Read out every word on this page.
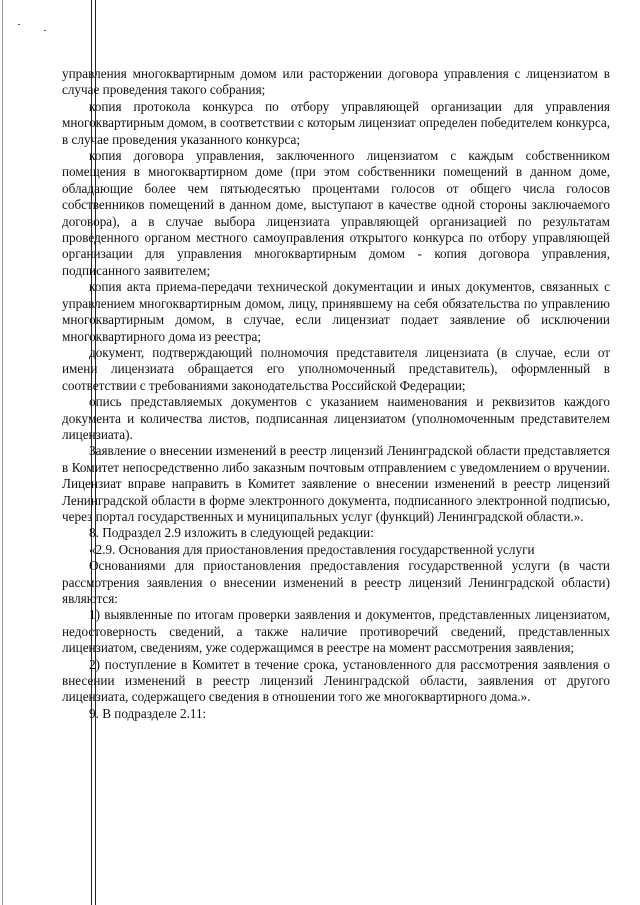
управления многоквартирным домом или расторжении договора управления с лицензиатом в случае проведения такого собрания;

копия протокола конкурса по отбору управляющей организации для управления многоквартирным домом, в соответствии с которым лицензиат определен победителем конкурса, в случае проведения указанного конкурса;

копия договора управления, заключенного лицензиатом с каждым собственником помещения в многоквартирном доме (при этом собственники помещений в данном доме, обладающие более чем пятьюдесятью процентами голосов от общего числа голосов собственников помещений в данном доме, выступают в качестве одной стороны заключаемого договора), а в случае выбора лицензиата управляющей организацией по результатам проведенного органом местного самоуправления открытого конкурса по отбору управляющей организации для управления многоквартирным домом - копия договора управления, подписанного заявителем;

копия акта приема-передачи технической документации и иных документов, связанных с управлением многоквартирным домом, лицу, принявшему на себя обязательства по управлению многоквартирным домом, в случае, если лицензиат подает заявление об исключении многоквартирного дома из реестра;

документ, подтверждающий полномочия представителя лицензиата (в случае, если от имени лицензиата обращается его уполномоченный представитель), оформленный в соответствии с требованиями законодательства Российской Федерации;

опись представляемых документов с указанием наименования и реквизитов каждого документа и количества листов, подписанная лицензиатом (уполномоченным представителем лицензиата).

Заявление о внесении изменений в реестр лицензий Ленинградской области представляется в Комитет непосредственно либо заказным почтовым отправлением с уведомлением о вручении. Лицензиат вправе направить в Комитет заявление о внесении изменений в реестр лицензий Ленинградской области в форме электронного документа, подписанного электронной подписью, через портал государственных и муниципальных услуг (функций) Ленинградской области.».

8. Подраздел 2.9 изложить в следующей редакции:

«2.9. Основания для приостановления предоставления государственной услуги

Основаниями для приостановления предоставления государственной услуги (в части рассмотрения заявления о внесении изменений в реестр лицензий Ленинградской области) являются:

1) выявленные по итогам проверки заявления и документов, представленных лицензиатом, недостоверность сведений, а также наличие противоречий сведений, представленных лицензиатом, сведениям, уже содержащимся в реестре на момент рассмотрения заявления;

2) поступление в Комитет в течение срока, установленного для рассмотрения заявления о внесении изменений в реестр лицензий Ленинградской области, заявления от другого лицензиата, содержащего сведения в отношении того же многоквартирного дома.».

9. В подразделе 2.11:
